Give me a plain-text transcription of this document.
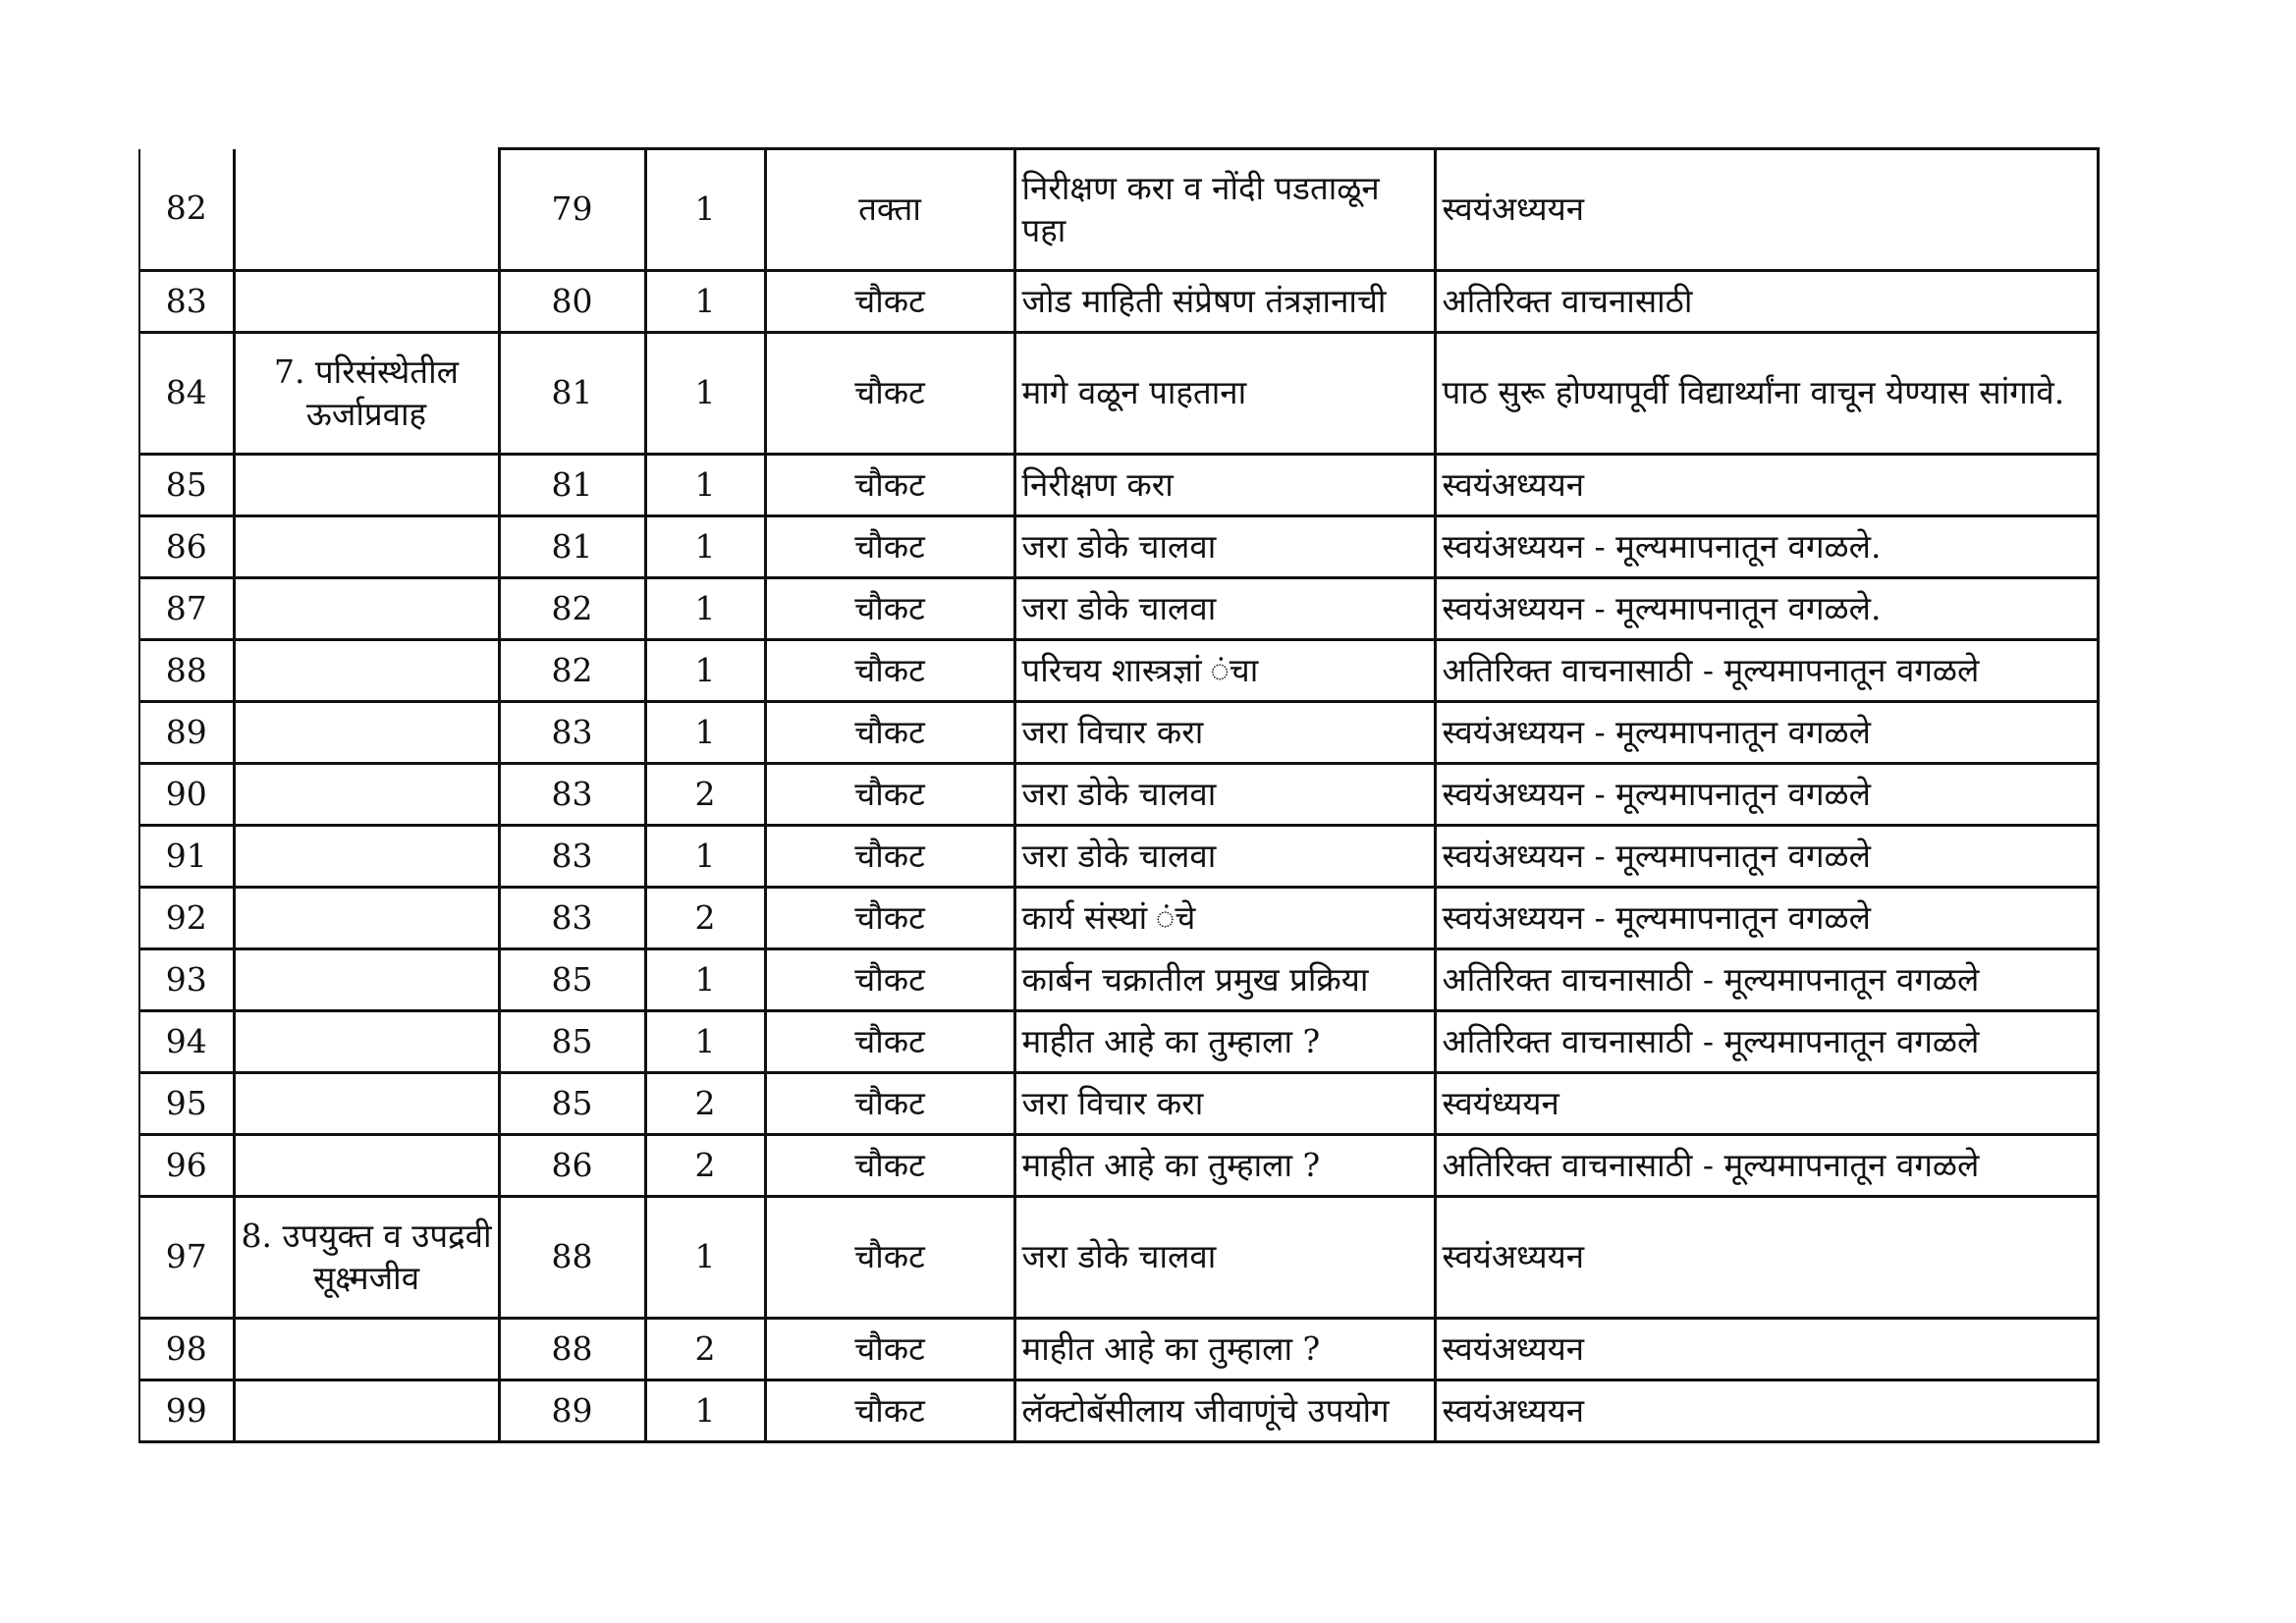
82		79	1	तक्ता	निरीक्षण करा व नोंदी पडताळून पहा	स्वयंअध्ययन
83		80	1	चौकट	जोड माहिती संप्रेषण तंत्रज्ञानाची	अतिरिक्त वाचनासाठी
84	7. परिसंस्थेतील ऊर्जाप्रवाह	81	1	चौकट	मागे वळून पाहताना	पाठ सुरू होण्यापूर्वी विद्यार्थ्यांना वाचून येण्यास सांगावे.
85		81	1	चौकट	निरीक्षण करा	स्वयंअध्ययन
86		81	1	चौकट	जरा डोके चालवा	स्वयंअध्ययन - मूल्यमापनातून वगळले.
87		82	1	चौकट	जरा डोके चालवा	स्वयंअध्ययन - मूल्यमापनातून वगळले.
88		82	1	चौकट	परिचय शास्त्रज्ञां ंचा	अतिरिक्त वाचनासाठी - मूल्यमापनातून वगळले
89		83	1	चौकट	जरा विचार करा	स्वयंअध्ययन - मूल्यमापनातून वगळले
90		83	2	चौकट	जरा डोके चालवा	स्वयंअध्ययन - मूल्यमापनातून वगळले
91		83	1	चौकट	जरा डोके चालवा	स्वयंअध्ययन - मूल्यमापनातून वगळले
92		83	2	चौकट	कार्य संस्थां ंचे	स्वयंअध्ययन - मूल्यमापनातून वगळले
93		85	1	चौकट	कार्बन चक्रातील प्रमुख प्रक्रिया	अतिरिक्त वाचनासाठी - मूल्यमापनातून वगळले
94		85	1	चौकट	माहीत आहे का तुम्हाला ?	अतिरिक्त वाचनासाठी - मूल्यमापनातून वगळले
95		85	2	चौकट	जरा विचार करा	स्वयंध्ययन
96		86	2	चौकट	माहीत आहे का तुम्हाला ?	अतिरिक्त वाचनासाठी - मूल्यमापनातून वगळले
97	8. उपयुक्त व उपद्रवी सूक्ष्मजीव	88	1	चौकट	जरा डोके चालवा	स्वयंअध्ययन
98		88	2	चौकट	माहीत आहे का तुम्हाला ?	स्वयंअध्ययन
99		89	1	चौकट	लॅक्टोबॅसीलाय जीवाणूंचे उपयोग	स्वयंअध्ययन
